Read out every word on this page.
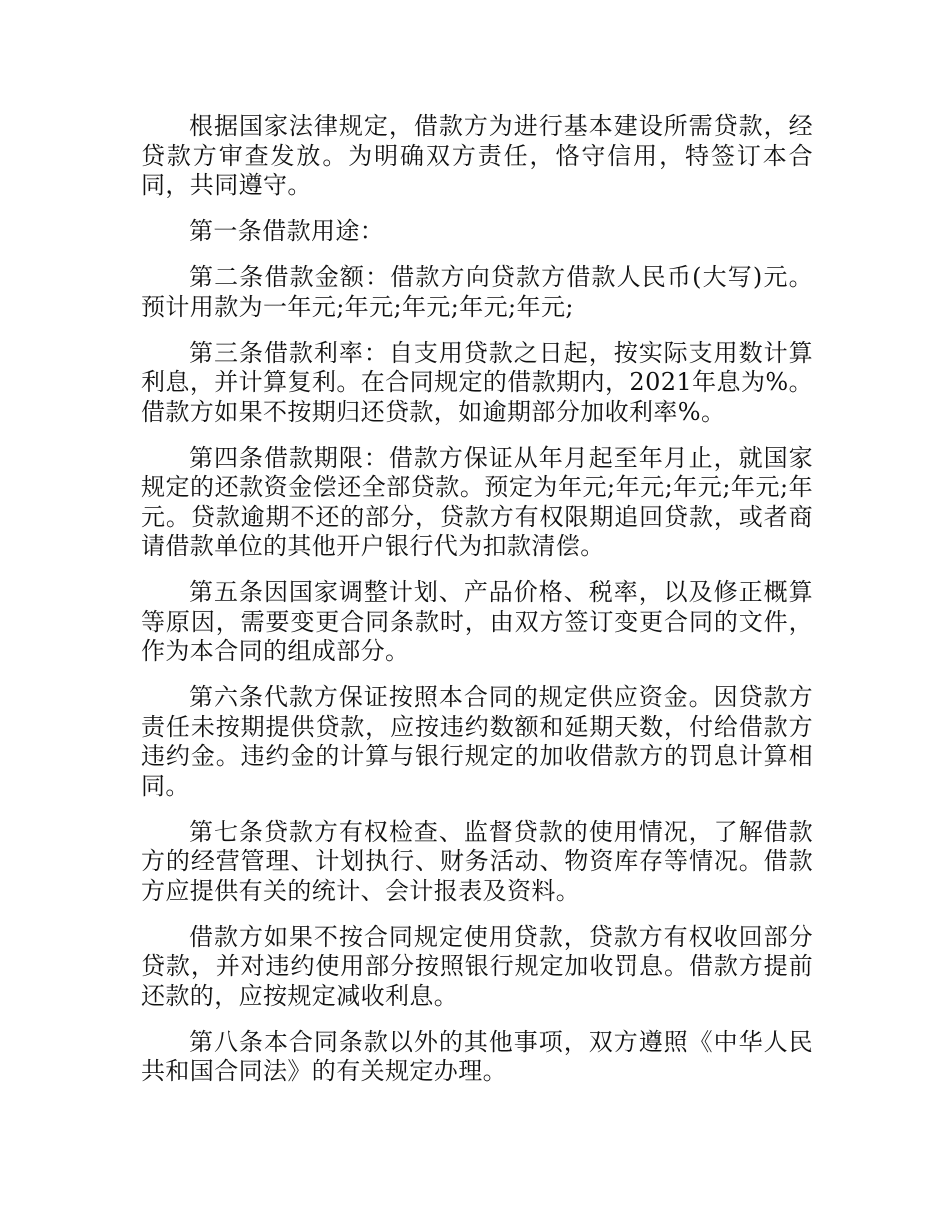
根据国家法律规定，借款方为进行基本建设所需贷款，经贷款方审查发放。为明确双方责任，恪守信用，特签订本合同，共同遵守。

第一条借款用途：

第二条借款金额：借款方向贷款方借款人民币(大写)元。预计用款为一年元;年元;年元;年元;年元;

第三条借款利率：自支用贷款之日起，按实际支用数计算利息，并计算复利。在合同规定的借款期内，2021年息为%。借款方如果不按期归还贷款，如逾期部分加收利率%。

第四条借款期限：借款方保证从年月起至年月止，就国家规定的还款资金偿还全部贷款。预定为年元;年元;年元;年元;年元。贷款逾期不还的部分，贷款方有权限期追回贷款，或者商请借款单位的其他开户银行代为扣款清偿。

第五条因国家调整计划、产品价格、税率，以及修正概算等原因，需要变更合同条款时，由双方签订变更合同的文件，作为本合同的组成部分。

第六条代款方保证按照本合同的规定供应资金。因贷款方责任未按期提供贷款，应按违约数额和延期天数，付给借款方违约金。违约金的计算与银行规定的加收借款方的罚息计算相同。

第七条贷款方有权检查、监督贷款的使用情况，了解借款方的经营管理、计划执行、财务活动、物资库存等情况。借款方应提供有关的统计、会计报表及资料。

借款方如果不按合同规定使用贷款，贷款方有权收回部分贷款，并对违约使用部分按照银行规定加收罚息。借款方提前还款的，应按规定减收利息。

第八条本合同条款以外的其他事项，双方遵照《中华人民共和国合同法》的有关规定办理。
